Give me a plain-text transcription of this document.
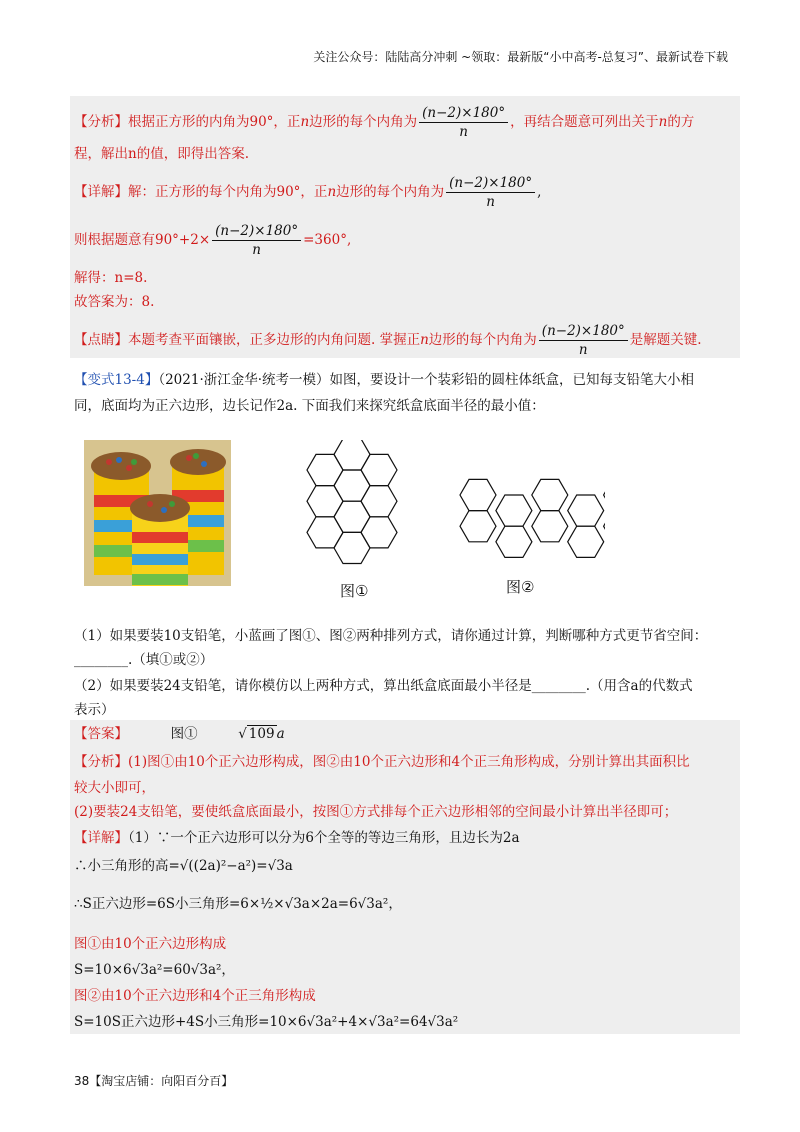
关注公众号：陆陆高分冲刺 ~领取：最新版“小中高考-总复习”、最新试卷下载
【分析】根据正方形的内角为90°，正n边形的每个内角为 $\frac{(n-2)\times 180^\circ}{n}$ ，再结合题意可列出关于n的方
程，解出n的值，即得出答案.
【详解】解：正方形的每个内角为90°，正n边形的每个内角为 $\frac{(n-2)\times 180^\circ}{n}$ ,
则根据题意有$90^\circ+2\times \frac{(n-2)\times 180^\circ}{n} =360^\circ$,
解得：n=8.
故答案为：8.
【点睛】本题考查平面镶嵌，正多边形的内角问题. 掌握正n边形的每个内角为 $\frac{(n-2)\times 180^\circ}{n}$ 是解题关键.
【变式13-4】（2021·浙江金华·统考一模）如图，要设计一个装彩铅的圆柱体纸盒，已知每支铅笔大小相
同，底面均为正六边形，边长记作2a. 下面我们来探究纸盒底面半径的最小值：
图①	图②
（1）如果要装10支铅笔，小蓝画了图①、图②两种排列方式，请你通过计算，判断哪种方式更节省空间：
________.（填①或②）
（2）如果要装24支铅笔，请你模仿以上两种方式，算出纸盒底面最小半径是________.（用含a的代数式
表示）
【答案】	图①	√ 109 a
【分析】(1)图①由10个正六边形构成，图②由10个正六边形和4个正三角形构成，分别计算出其面积比
较大小即可，
(2)要装24支铅笔，要使纸盒底面最小，按图①方式排每个正六边形相邻的空间最小计算出半径即可；
【详解】（1）∵一个正六边形可以分为6个全等的等边三角形，且边长为2a
∴小三角形的高=√((2a)²−a²)=√3a
∴S正六边形=6S小三角形=6×½×√3a×2a=6√3a²，
图①由10个正六边形构成
S=10×6√3a²=60√3a²，
图②由10个正六边形和4个正三角形构成
S=10S正六边形+4S小三角形=10×6√3a²+4×√3a²=64√3a²
38【淘宝店铺：向阳百分百】
